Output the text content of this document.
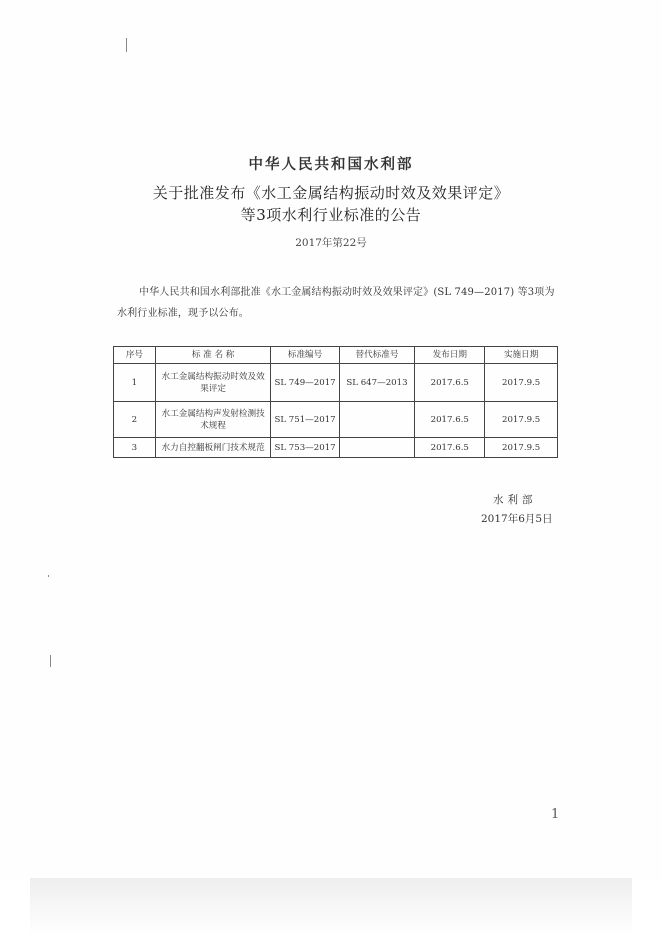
中华人民共和国水利部
关于批准发布《水工金属结构振动时效及效果评定》
等3项水利行业标准的公告
2017年第22号
中华人民共和国水利部批准《水工金属结构振动时效及效果评定》(SL 749—2017) 等3项为水利行业标准，现予以公布。
序号	标 准 名 称	标准编号	替代标准号	发布日期	实施日期
1	水工金属结构振动时效及效果评定	SL 749—2017	SL 647—2013	2017.6.5	2017.9.5
2	水工金属结构声发射检测技术规程	SL 751—2017		2017.6.5	2017.9.5
3	水力自控翻板闸门技术规范	SL 753—2017		2017.6.5	2017.9.5
水利部
2017年6月5日
1
